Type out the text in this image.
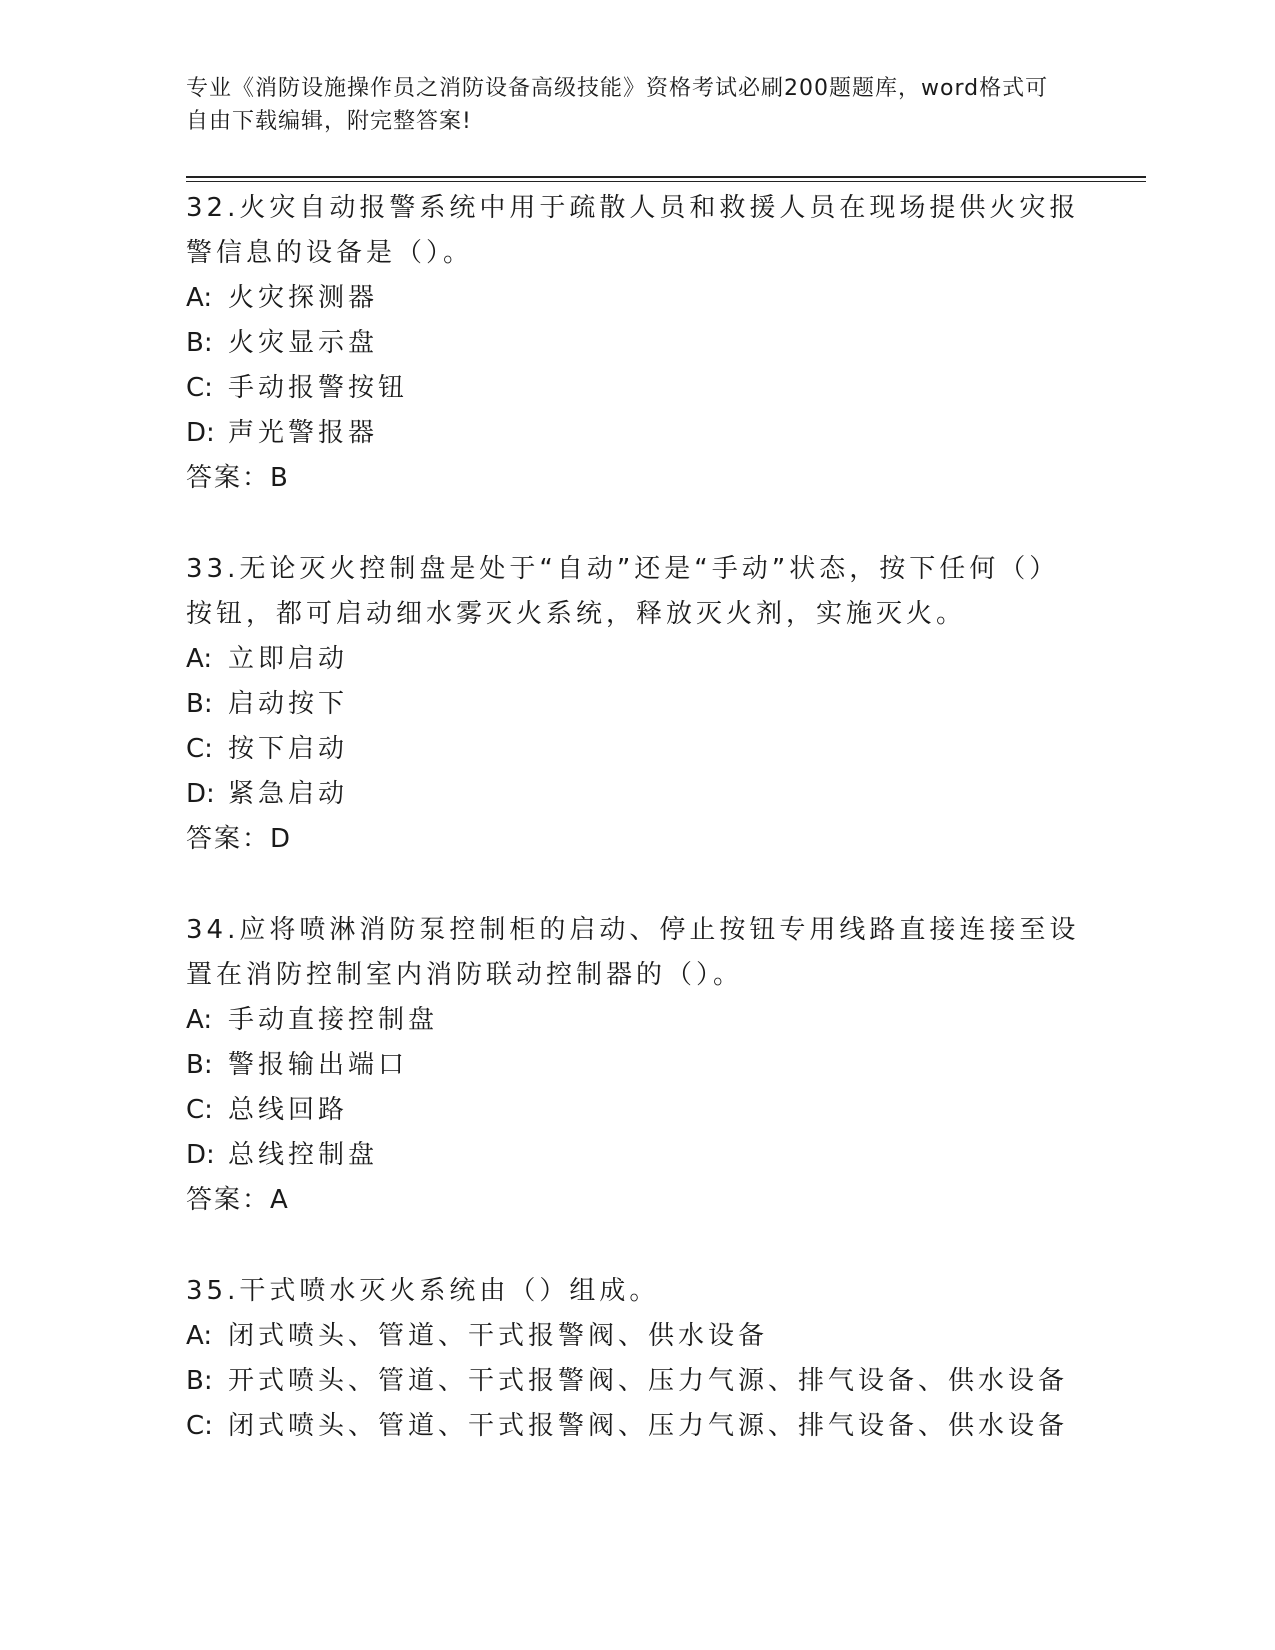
专业《消防设施操作员之消防设备高级技能》资格考试必刷200题题库，word格式可自由下载编辑，附完整答案!
32.火灾自动报警系统中用于疏散人员和救援人员在现场提供火灾报警信息的设备是（）。
A: 火灾探测器
B: 火灾显示盘
C: 手动报警按钮
D: 声光警报器
答案：B
33.无论灭火控制盘是处于“自动”还是“手动”状态，按下任何（）按钮，都可启动细水雾灭火系统，释放灭火剂，实施灭火。
A: 立即启动
B: 启动按下
C: 按下启动
D: 紧急启动
答案：D
34.应将喷淋消防泵控制柜的启动、停止按钮专用线路直接连接至设置在消防控制室内消防联动控制器的（）。
A: 手动直接控制盘
B: 警报输出端口
C: 总线回路
D: 总线控制盘
答案：A
35.干式喷水灭火系统由（）组成。
A: 闭式喷头、管道、干式报警阀、供水设备
B: 开式喷头、管道、干式报警阀、压力气源、排气设备、供水设备
C: 闭式喷头、管道、干式报警阀、压力气源、排气设备、供水设备
